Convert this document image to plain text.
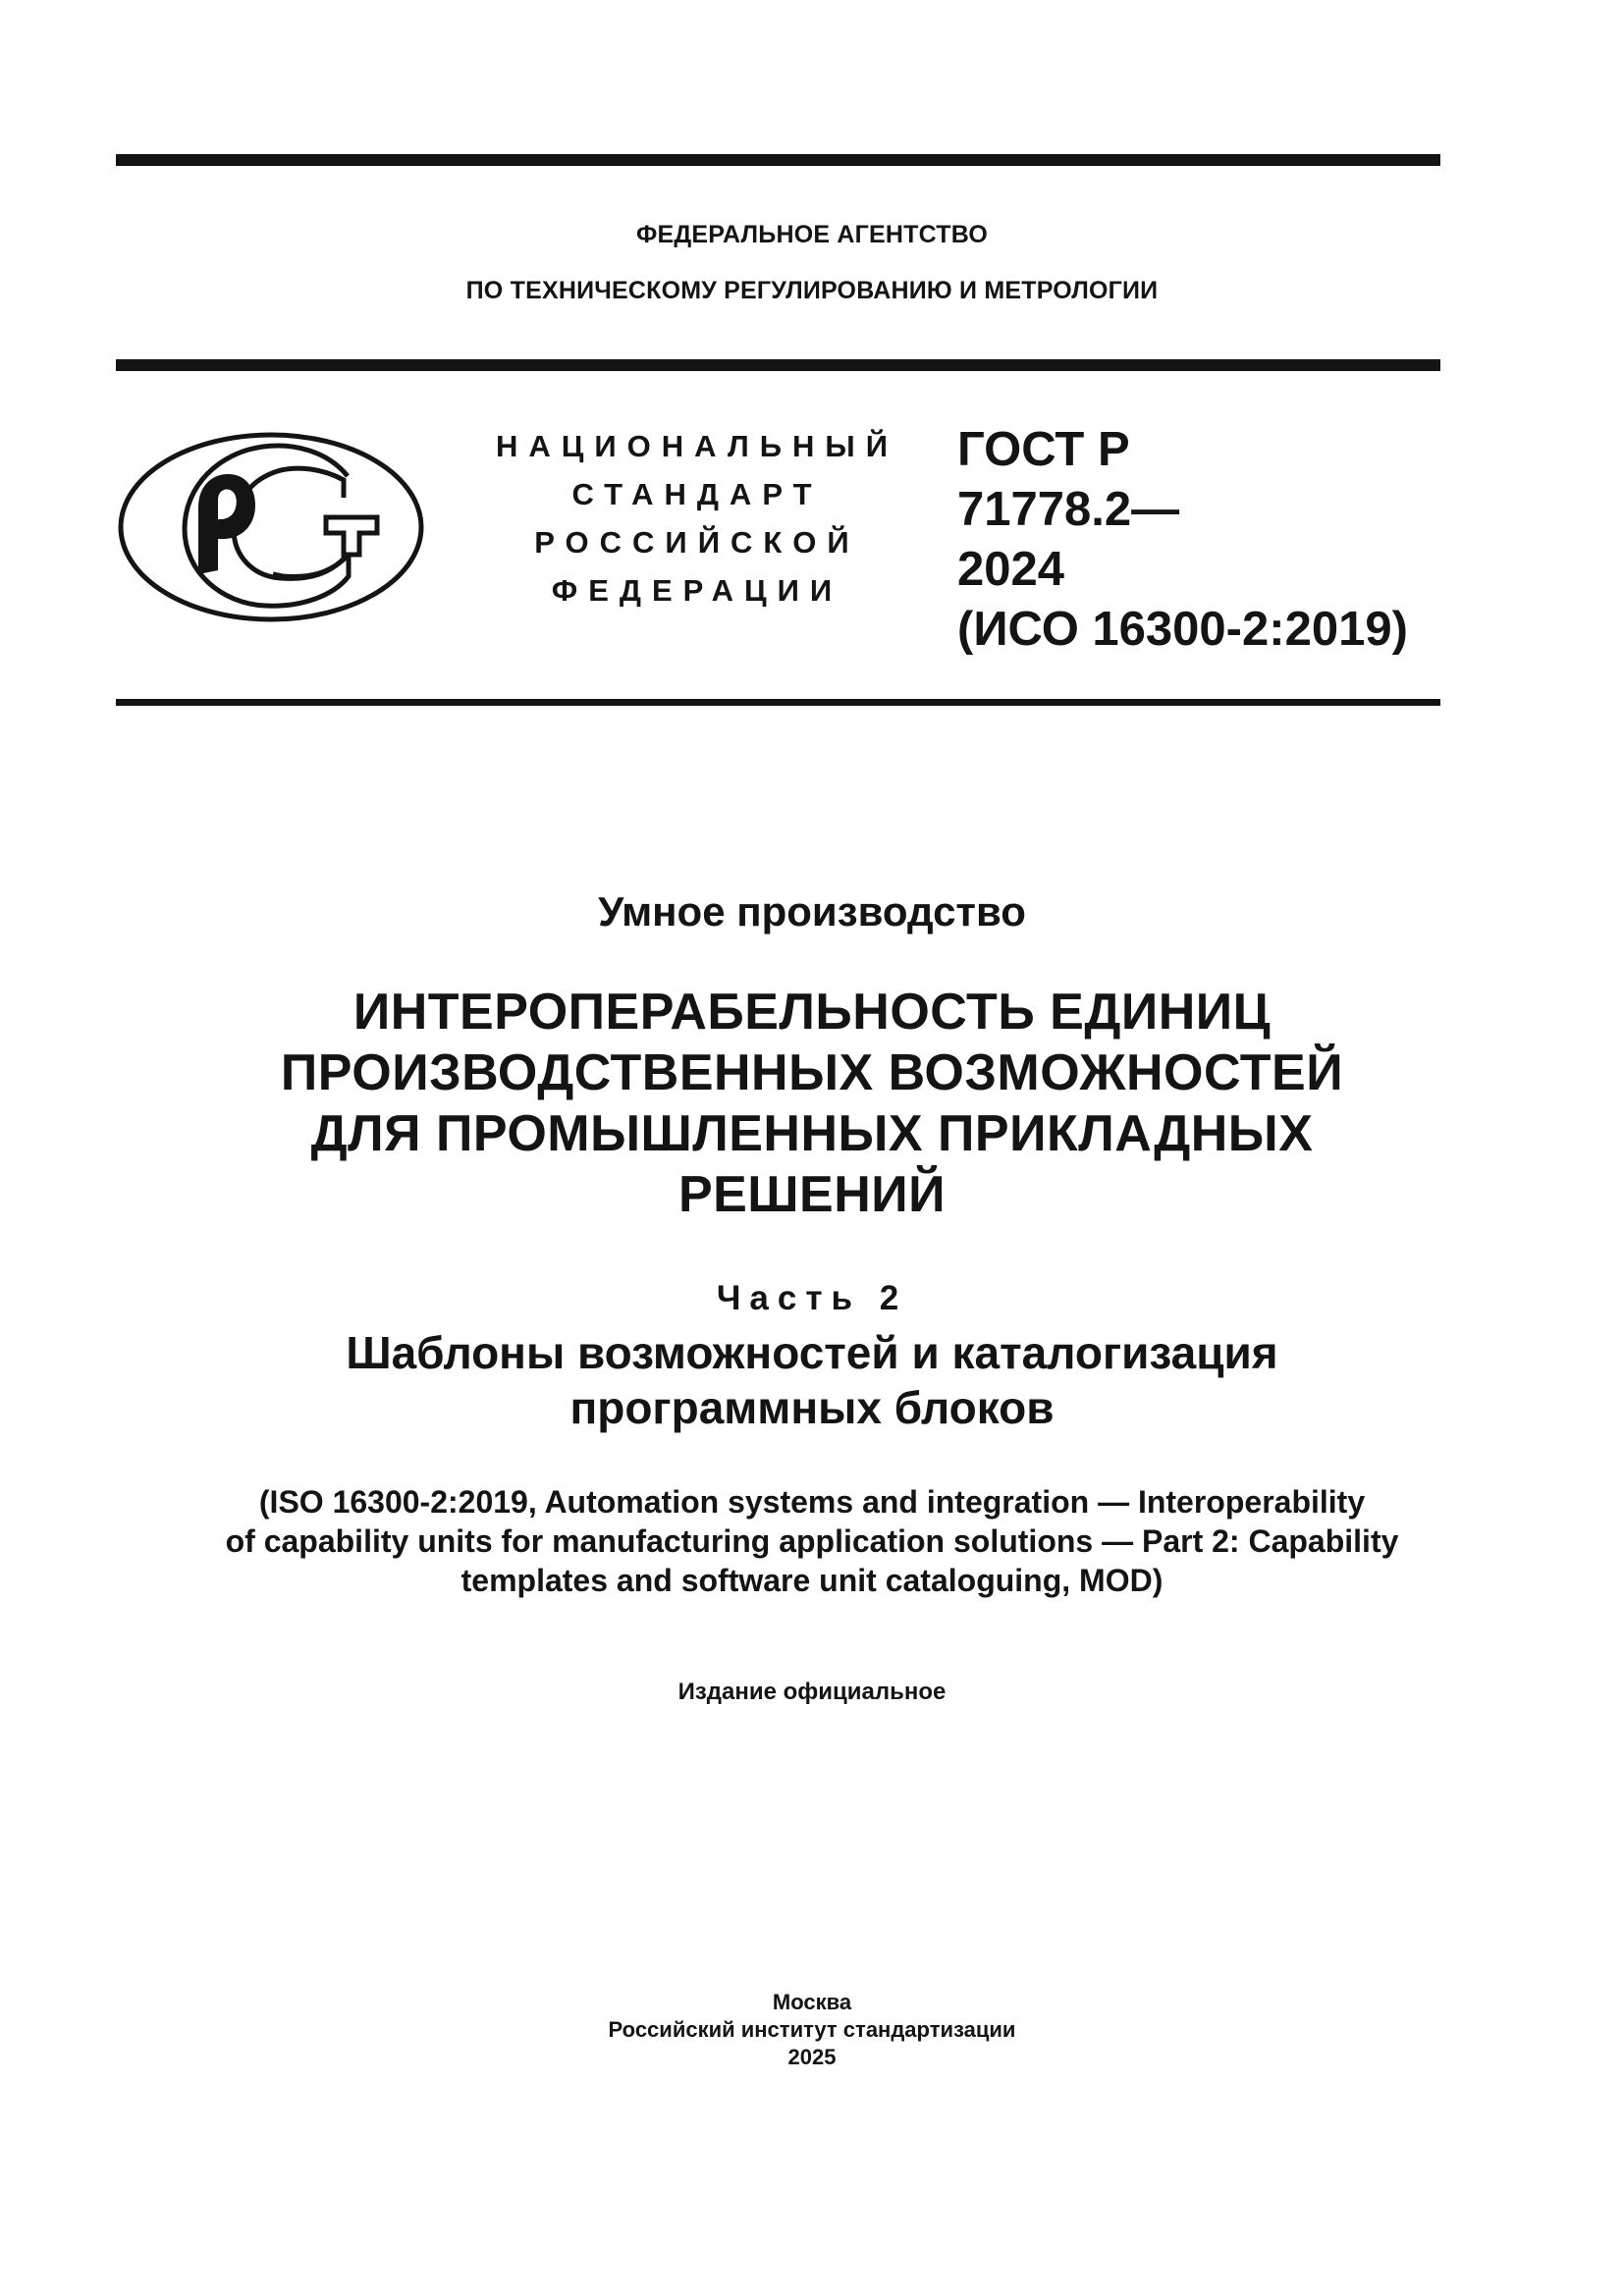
ФЕДЕРАЛЬНОЕ АГЕНТСТВО
ПО ТЕХНИЧЕСКОМУ РЕГУЛИРОВАНИЮ И МЕТРОЛОГИИ
НАЦИОНАЛЬНЫЙ
СТАНДАРТ
РОССИЙСКОЙ
ФЕДЕРАЦИИ
ГОСТ Р
71778.2—
2024
(ИСО 16300-2:2019)
Умное производство
ИНТЕРОПЕРАБЕЛЬНОСТЬ ЕДИНИЦ
ПРОИЗВОДСТВЕННЫХ ВОЗМОЖНОСТЕЙ
ДЛЯ ПРОМЫШЛЕННЫХ ПРИКЛАДНЫХ
РЕШЕНИЙ
Часть 2
Шаблоны возможностей и каталогизация
программных блоков
(ISO 16300-2:2019, Automation systems and integration — Interoperability
of capability units for manufacturing application solutions — Part 2: Capability
templates and software unit cataloguing, MOD)
Издание официальное
Москва
Российский институт стандартизации
2025
